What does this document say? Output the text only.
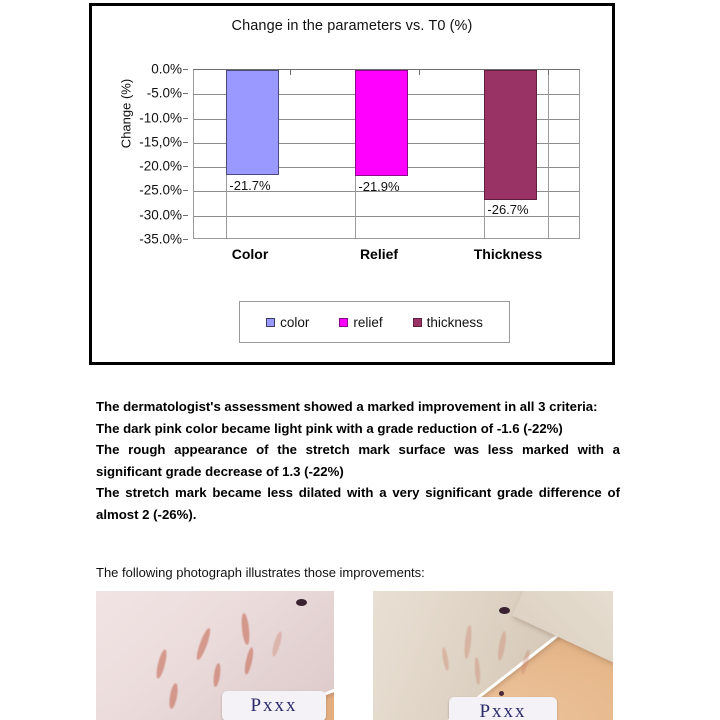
Change in the parameters vs. T0 (%)
Change (%)
0.0%
-5.0%
-10.0%
-15,0%
-20.0%
-25.0%
-30.0%
-35.0%
-21.7%	-21.9%
-26.7%
Color	Relief	Thickness
color	relief	thickness

The dermatologist's assessment showed a marked improvement in all 3 criteria:

The dark pink color became light pink with a grade reduction of -1.6 (-22%)

The rough appearance of the stretch mark surface was less marked with a significant grade decrease of 1.3 (-22%)

The stretch mark became less dilated with a very significant grade difference of almost 2 (-26%).

The following photograph illustrates those improvements:
Pxxx	Pxxx
